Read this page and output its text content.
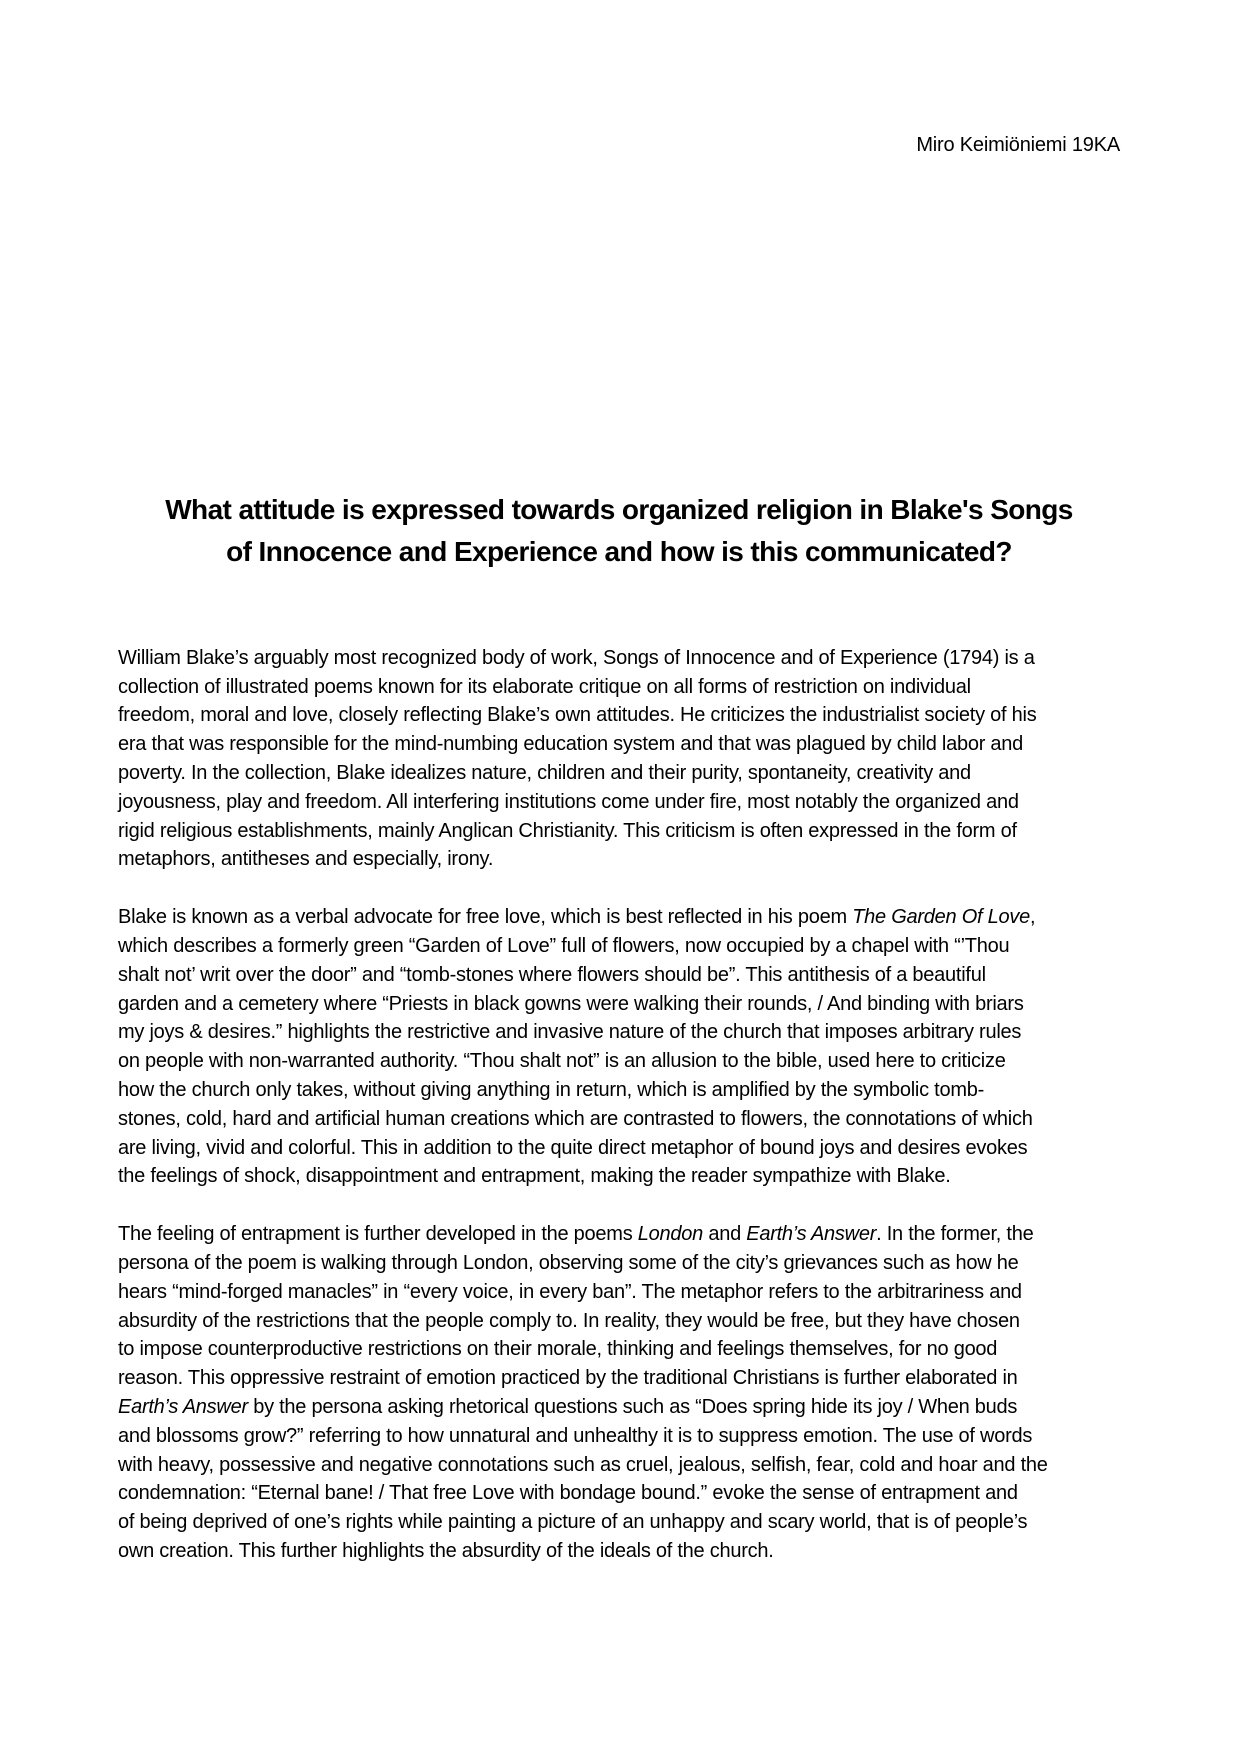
Miro Keimiöniemi 19KA
What attitude is expressed towards organized religion in Blake's Songs
of Innocence and Experience and how is this communicated?
William Blake’s arguably most recognized body of work, Songs of Innocence and of Experience (1794) is a
collection of illustrated poems known for its elaborate critique on all forms of restriction on individual
freedom, moral and love, closely reflecting Blake’s own attitudes. He criticizes the industrialist society of his
era that was responsible for the mind-numbing education system and that was plagued by child labor and
poverty. In the collection, Blake idealizes nature, children and their purity, spontaneity, creativity and
joyousness, play and freedom. All interfering institutions come under fire, most notably the organized and
rigid religious establishments, mainly Anglican Christianity. This criticism is often expressed in the form of
metaphors, antitheses and especially, irony.
Blake is known as a verbal advocate for free love, which is best reflected in his poem The Garden Of Love,
which describes a formerly green “Garden of Love” full of flowers, now occupied by a chapel with “’Thou
shalt not’ writ over the door” and “tomb-stones where flowers should be”. This antithesis of a beautiful
garden and a cemetery where “Priests in black gowns were walking their rounds, / And binding with briars
my joys & desires.” highlights the restrictive and invasive nature of the church that imposes arbitrary rules
on people with non-warranted authority. “Thou shalt not” is an allusion to the bible, used here to criticize
how the church only takes, without giving anything in return, which is amplified by the symbolic tomb-
stones, cold, hard and artificial human creations which are contrasted to flowers, the connotations of which
are living, vivid and colorful. This in addition to the quite direct metaphor of bound joys and desires evokes
the feelings of shock, disappointment and entrapment, making the reader sympathize with Blake.
The feeling of entrapment is further developed in the poems London and Earth’s Answer. In the former, the
persona of the poem is walking through London, observing some of the city’s grievances such as how he
hears “mind-forged manacles” in “every voice, in every ban”. The metaphor refers to the arbitrariness and
absurdity of the restrictions that the people comply to. In reality, they would be free, but they have chosen
to impose counterproductive restrictions on their morale, thinking and feelings themselves, for no good
reason. This oppressive restraint of emotion practiced by the traditional Christians is further elaborated in
Earth’s Answer by the persona asking rhetorical questions such as “Does spring hide its joy / When buds
and blossoms grow?” referring to how unnatural and unhealthy it is to suppress emotion. The use of words
with heavy, possessive and negative connotations such as cruel, jealous, selfish, fear, cold and hoar and the
condemnation: “Eternal bane! / That free Love with bondage bound.” evoke the sense of entrapment and
of being deprived of one’s rights while painting a picture of an unhappy and scary world, that is of people’s
own creation. This further highlights the absurdity of the ideals of the church.
